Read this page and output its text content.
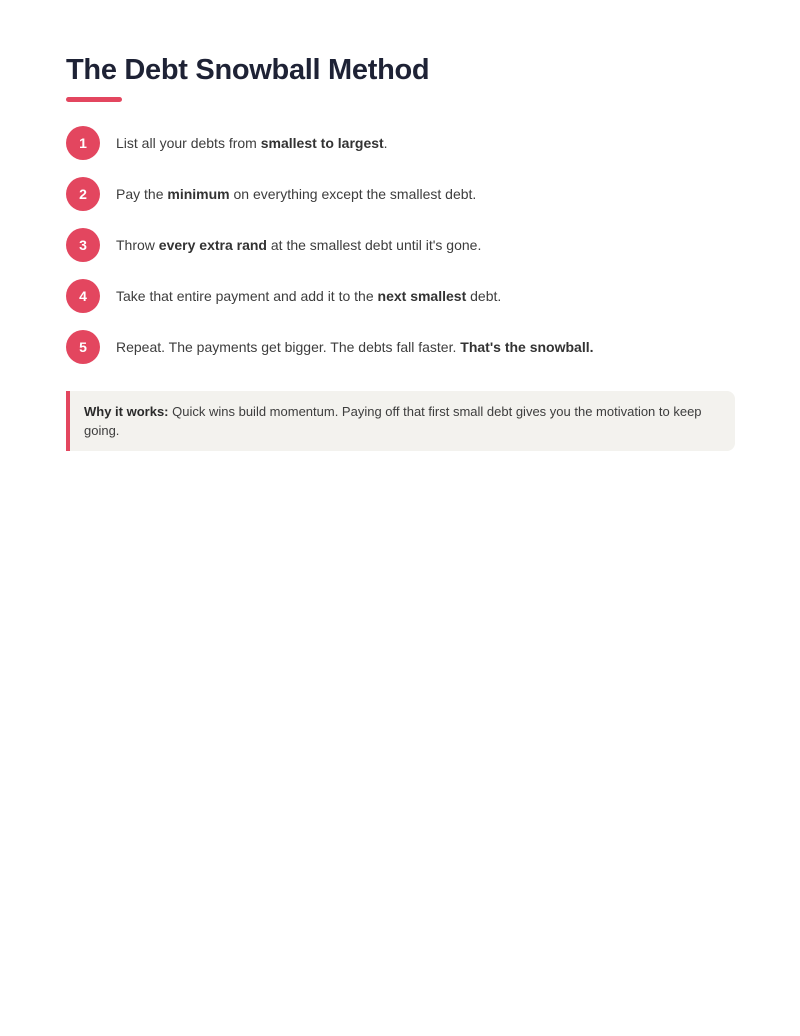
The Debt Snowball Method
1	List all your debts from smallest to largest.
2	Pay the minimum on everything except the smallest debt.
3	Throw every extra rand at the smallest debt until it's gone.
4	Take that entire payment and add it to the next smallest debt.
5	Repeat. The payments get bigger. The debts fall faster. That's the snowball.

Why it works: Quick wins build momentum. Paying off that first small debt gives you the motivation to keep going.
